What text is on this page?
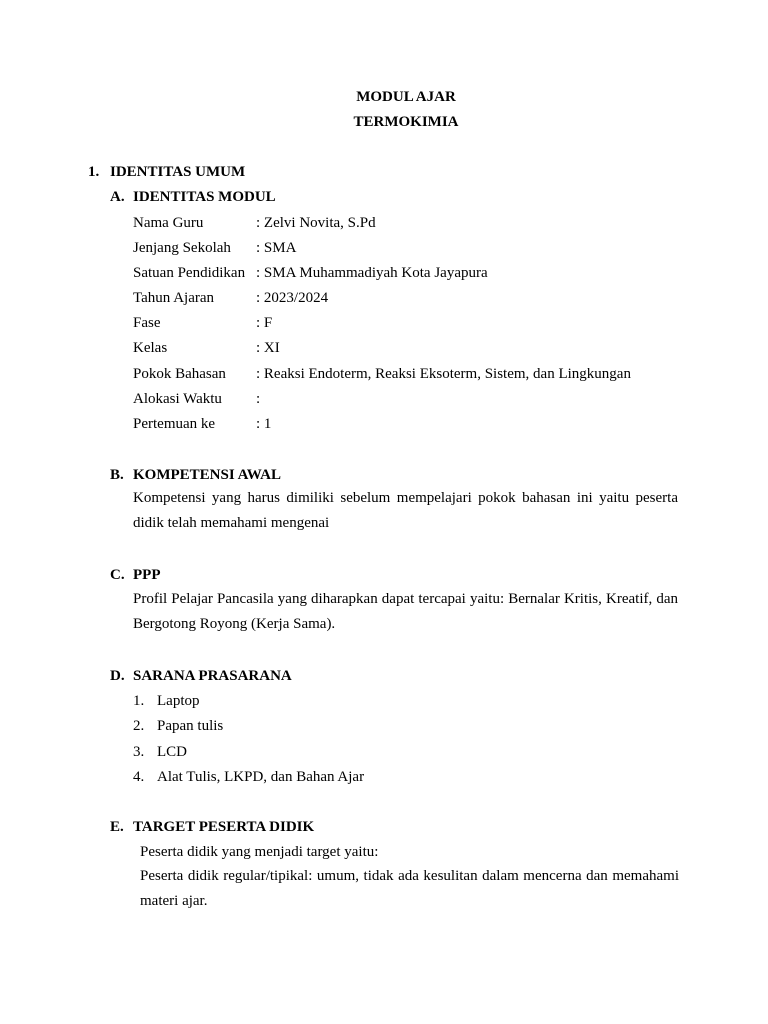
MODUL AJAR
TERMOKIMIA
1. IDENTITAS UMUM
A. IDENTITAS MODUL
Nama Guru	: Zelvi Novita, S.Pd
Jenjang Sekolah : SMA
Satuan Pendidikan : SMA Muhammadiyah Kota Jayapura
Tahun Ajaran	: 2023/2024
Fase	: F
Kelas	: XI
Pokok Bahasan : Reaksi Endoterm, Reaksi Eksoterm, Sistem, dan Lingkungan
Alokasi Waktu :
Pertemuan ke	: 1
B. KOMPETENSI AWAL
Kompetensi yang harus dimiliki sebelum mempelajari pokok bahasan ini yaitu peserta didik telah memahami mengenai
C. PPP
Profil Pelajar Pancasila yang diharapkan dapat tercapai yaitu: Bernalar Kritis, Kreatif, dan Bergotong Royong (Kerja Sama).
D. SARANA PRASARANA
1. Laptop
2. Papan tulis
3. LCD
4. Alat Tulis, LKPD, dan Bahan Ajar
E. TARGET PESERTA DIDIK
Peserta didik yang menjadi target yaitu:
Peserta didik regular/tipikal: umum, tidak ada kesulitan dalam mencerna dan memahami materi ajar.
